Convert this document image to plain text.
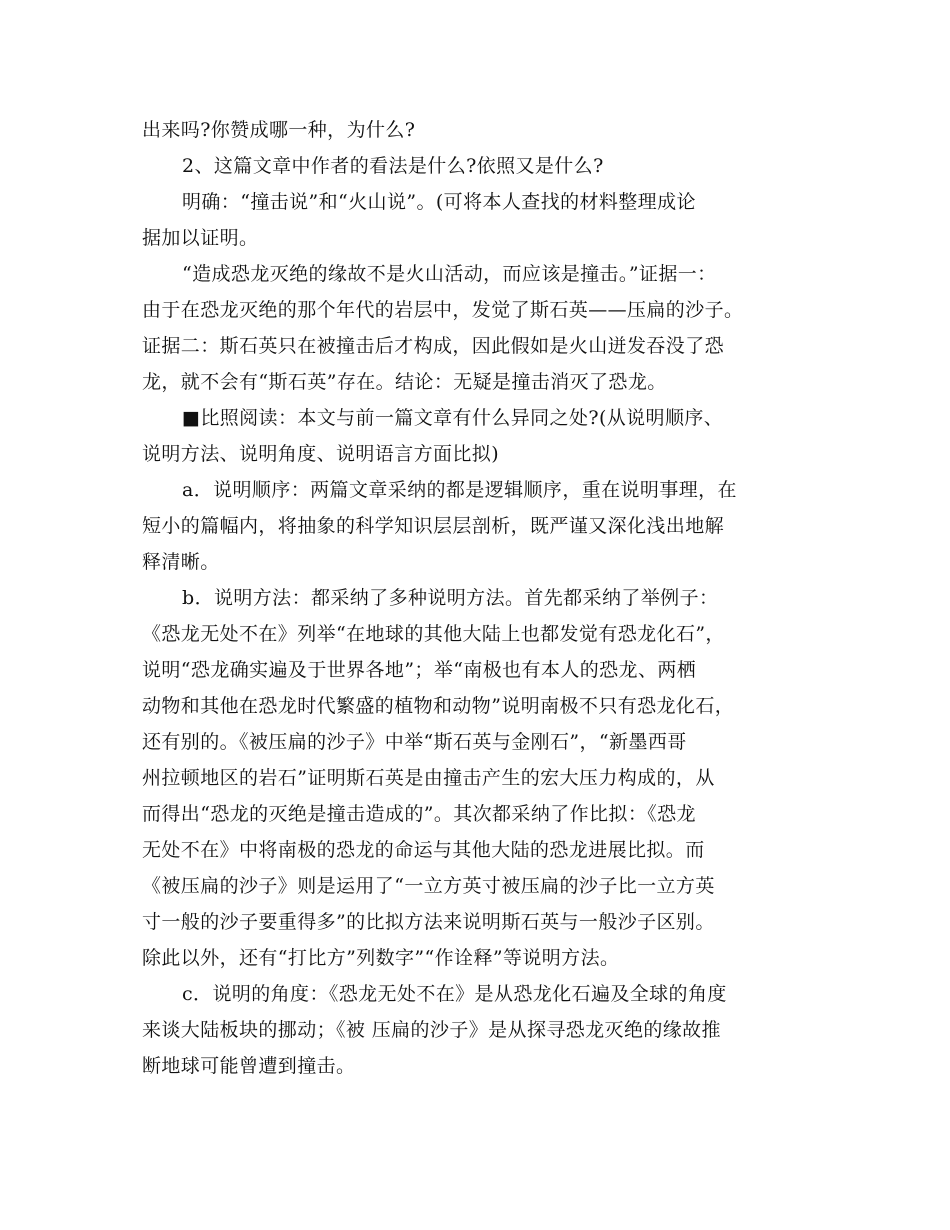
出来吗?你赞成哪一种，为什么?
2、这篇文章中作者的看法是什么?依照又是什么?
明确：“撞击说”和“火山说”。(可将本人查找的材料整理成论
据加以证明。
“造成恐龙灭绝的缘故不是火山活动，而应该是撞击。”证据一：
由于在恐龙灭绝的那个年代的岩层中，发觉了斯石英——压扁的沙子。
证据二：斯石英只在被撞击后才构成，因此假如是火山迸发吞没了恐
龙，就不会有“斯石英”存在。结论：无疑是撞击消灭了恐龙。
■比照阅读：本文与前一篇文章有什么异同之处?(从说明顺序、
说明方法、说明角度、说明语言方面比拟)
a．说明顺序：两篇文章采纳的都是逻辑顺序，重在说明事理，在
短小的篇幅内，将抽象的科学知识层层剖析，既严谨又深化浅出地解
释清晰。
b．说明方法：都采纳了多种说明方法。首先都采纳了举例子：
《恐龙无处不在》列举“在地球的其他大陆上也都发觉有恐龙化石”，
说明“恐龙确实遍及于世界各地”；举“南极也有本人的恐龙、两栖
动物和其他在恐龙时代繁盛的植物和动物”说明南极不只有恐龙化石，
还有别的。《被压扁的沙子》中举“斯石英与金刚石”，“新墨西哥
州拉顿地区的岩石”证明斯石英是由撞击产生的宏大压力构成的，从
而得出“恐龙的灭绝是撞击造成的”。其次都采纳了作比拟：《恐龙
无处不在》中将南极的恐龙的命运与其他大陆的恐龙进展比拟。而
《被压扁的沙子》则是运用了“一立方英寸被压扁的沙子比一立方英
寸一般的沙子要重得多”的比拟方法来说明斯石英与一般沙子区别。
除此以外，还有“打比方”列数字”“作诠释”等说明方法。
c．说明的角度：《恐龙无处不在》是从恐龙化石遍及全球的角度
来谈大陆板块的挪动；《被 压扁的沙子》是从探寻恐龙灭绝的缘故推
断地球可能曾遭到撞击。
